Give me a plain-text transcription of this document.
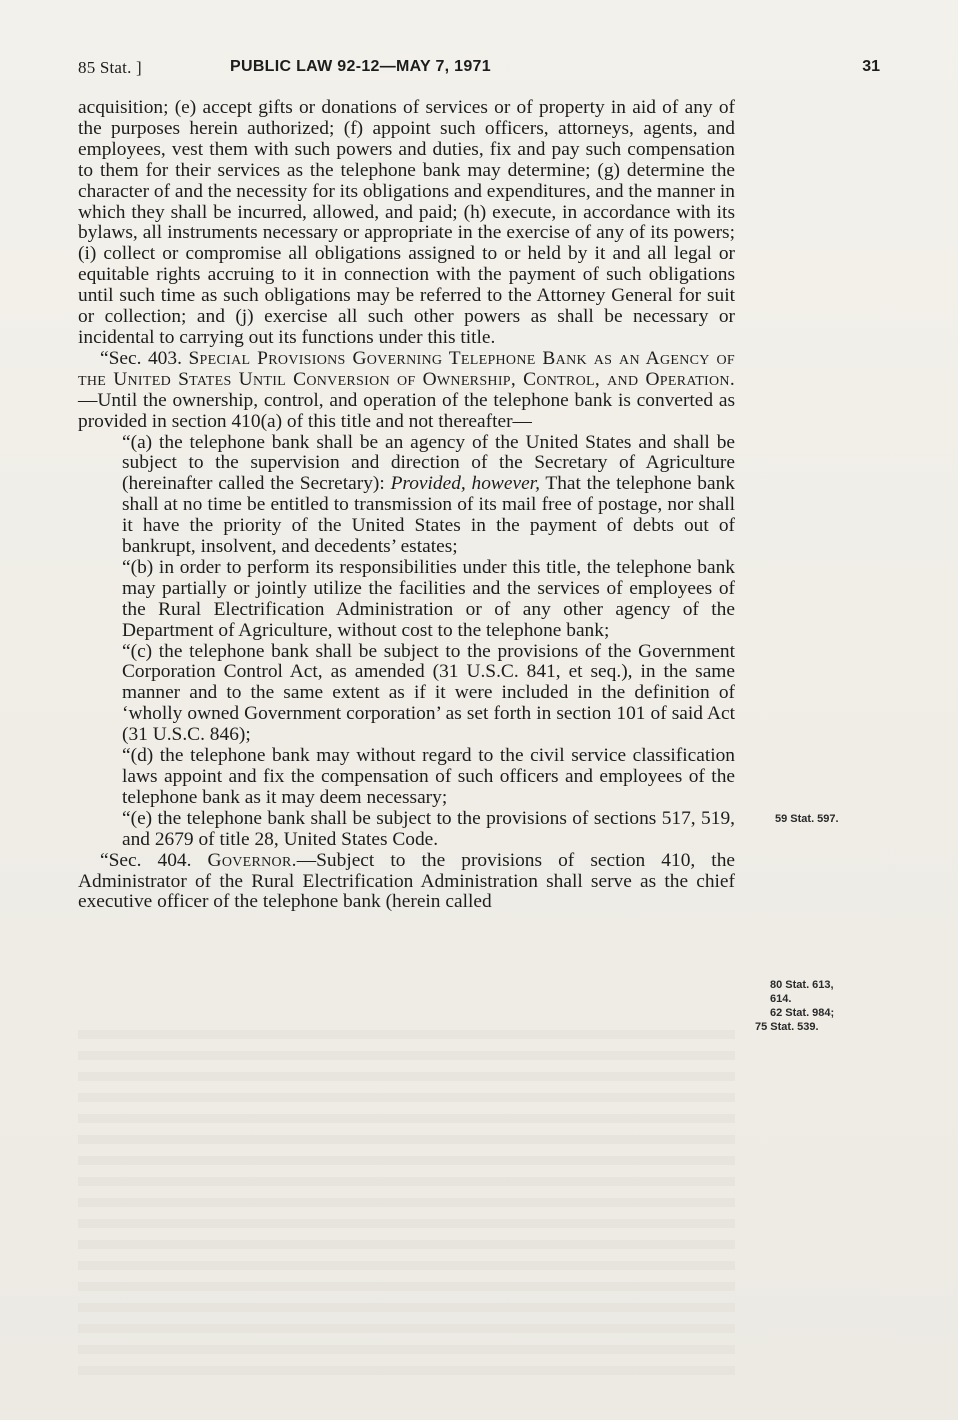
85 Stat. ]	PUBLIC LAW 92-12—MAY 7, 1971	31

acquisition; (e) accept gifts or donations of services or of property in aid of any of the purposes herein authorized; (f) appoint such officers, attorneys, agents, and employees, vest them with such powers and duties, fix and pay such compensation to them for their services as the telephone bank may determine; (g) determine the character of and the necessity for its obligations and expenditures, and the manner in which they shall be incurred, allowed, and paid; (h) execute, in accordance with its bylaws, all instruments necessary or appropriate in the exercise of any of its powers; (i) collect or compromise all obligations assigned to or held by it and all legal or equitable rights accruing to it in connection with the payment of such obligations until such time as such obligations may be referred to the Attorney General for suit or collection; and (j) exercise all such other powers as shall be necessary or incidental to carrying out its functions under this title.

“Sec. 403. Special Provisions Governing Telephone Bank as an Agency of the United States Until Conversion of Ownership, Control, and Operation.—Until the ownership, control, and operation of the telephone bank is converted as provided in section 410(a) of this title and not thereafter—

“(a) the telephone bank shall be an agency of the United States and shall be subject to the supervision and direction of the Secretary of Agriculture (hereinafter called the Secretary): Provided, however, That the telephone bank shall at no time be entitled to transmission of its mail free of postage, nor shall it have the priority of the United States in the payment of debts out of bankrupt, insolvent, and decedents’ estates;

“(b) in order to perform its responsibilities under this title, the telephone bank may partially or jointly utilize the facilities and the services of employees of the Rural Electrification Administration or of any other agency of the Department of Agriculture, without cost to the telephone bank;

“(c) the telephone bank shall be subject to the provisions of the Government Corporation Control Act, as amended (31 U.S.C. 841, et seq.), in the same manner and to the same extent as if it were included in the definition of ‘wholly owned Government corporation’ as set forth in section 101 of said Act (31 U.S.C. 846);

“(d) the telephone bank may without regard to the civil service classification laws appoint and fix the compensation of such officers and employees of the telephone bank as it may deem necessary;

“(e) the telephone bank shall be subject to the provisions of sections 517, 519, and 2679 of title 28, United States Code.

“Sec. 404. Governor.—Subject to the provisions of section 410, the Administrator of the Rural Electrification Administration shall serve as the chief executive officer of the telephone bank (herein called

59 Stat. 597.
80 Stat. 613,
614.
62 Stat. 984;
75 Stat. 539.
